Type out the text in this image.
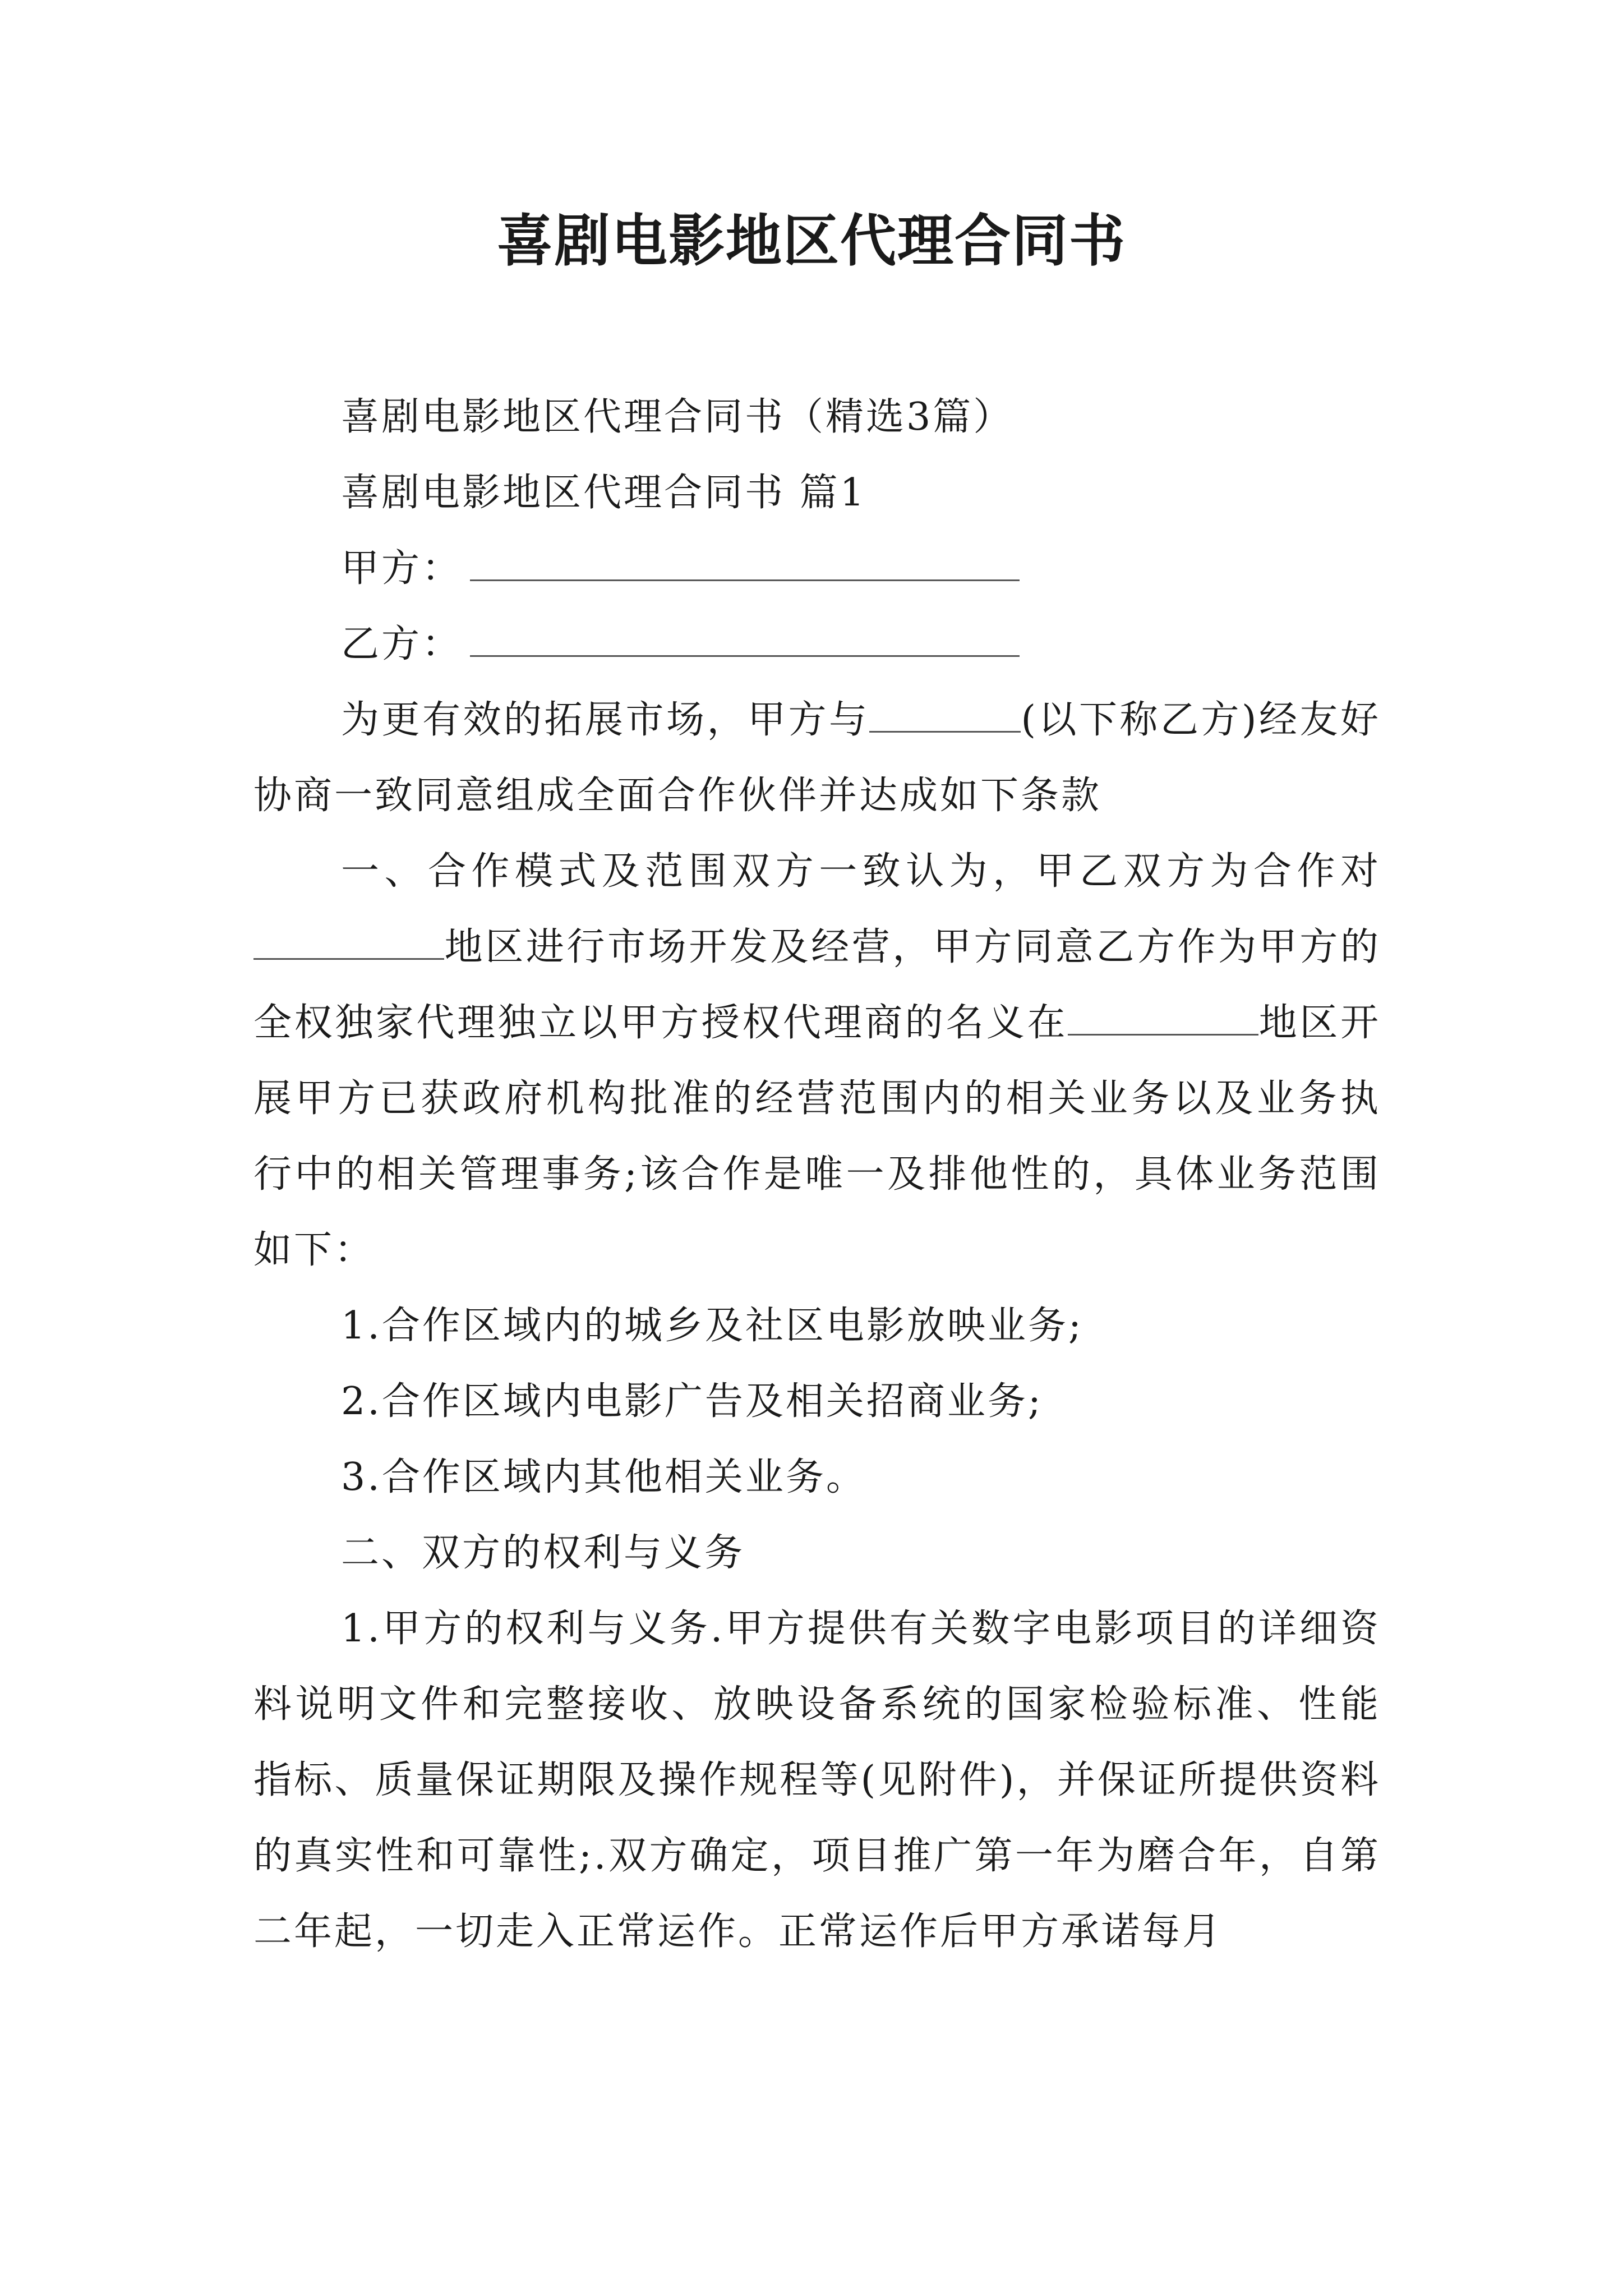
喜剧电影地区代理合同书

喜剧电影地区代理合同书（精选3篇）

喜剧电影地区代理合同书 篇1

甲方：

乙方：

为更有效的拓展市场，甲方与	(以下称乙方)经友好协商一致同意组成全面合作伙伴并达成如下条款

一、合作模式及范围双方一致认为，甲乙双方为合作对地区进行市场开发及经营，甲方同意乙方作为甲方的全权独家代理独立以甲方授权代理商的名义在	地区开展甲方已获政府机构批准的经营范围内的相关业务以及业务执行中的相关管理事务;该合作是唯一及排他性的，具体业务范围如下：

1.合作区域内的城乡及社区电影放映业务;

2.合作区域内电影广告及相关招商业务;

3.合作区域内其他相关业务。

二、双方的权利与义务

1.甲方的权利与义务.甲方提供有关数字电影项目的详细资料说明文件和完整接收、放映设备系统的国家检验标准、性能指标、质量保证期限及操作规程等(见附件)，并保证所提供资料的真实性和可靠性;.双方确定，项目推广第一年为磨合年，自第二年起，一切走入正常运作。正常运作后甲方承诺每月
